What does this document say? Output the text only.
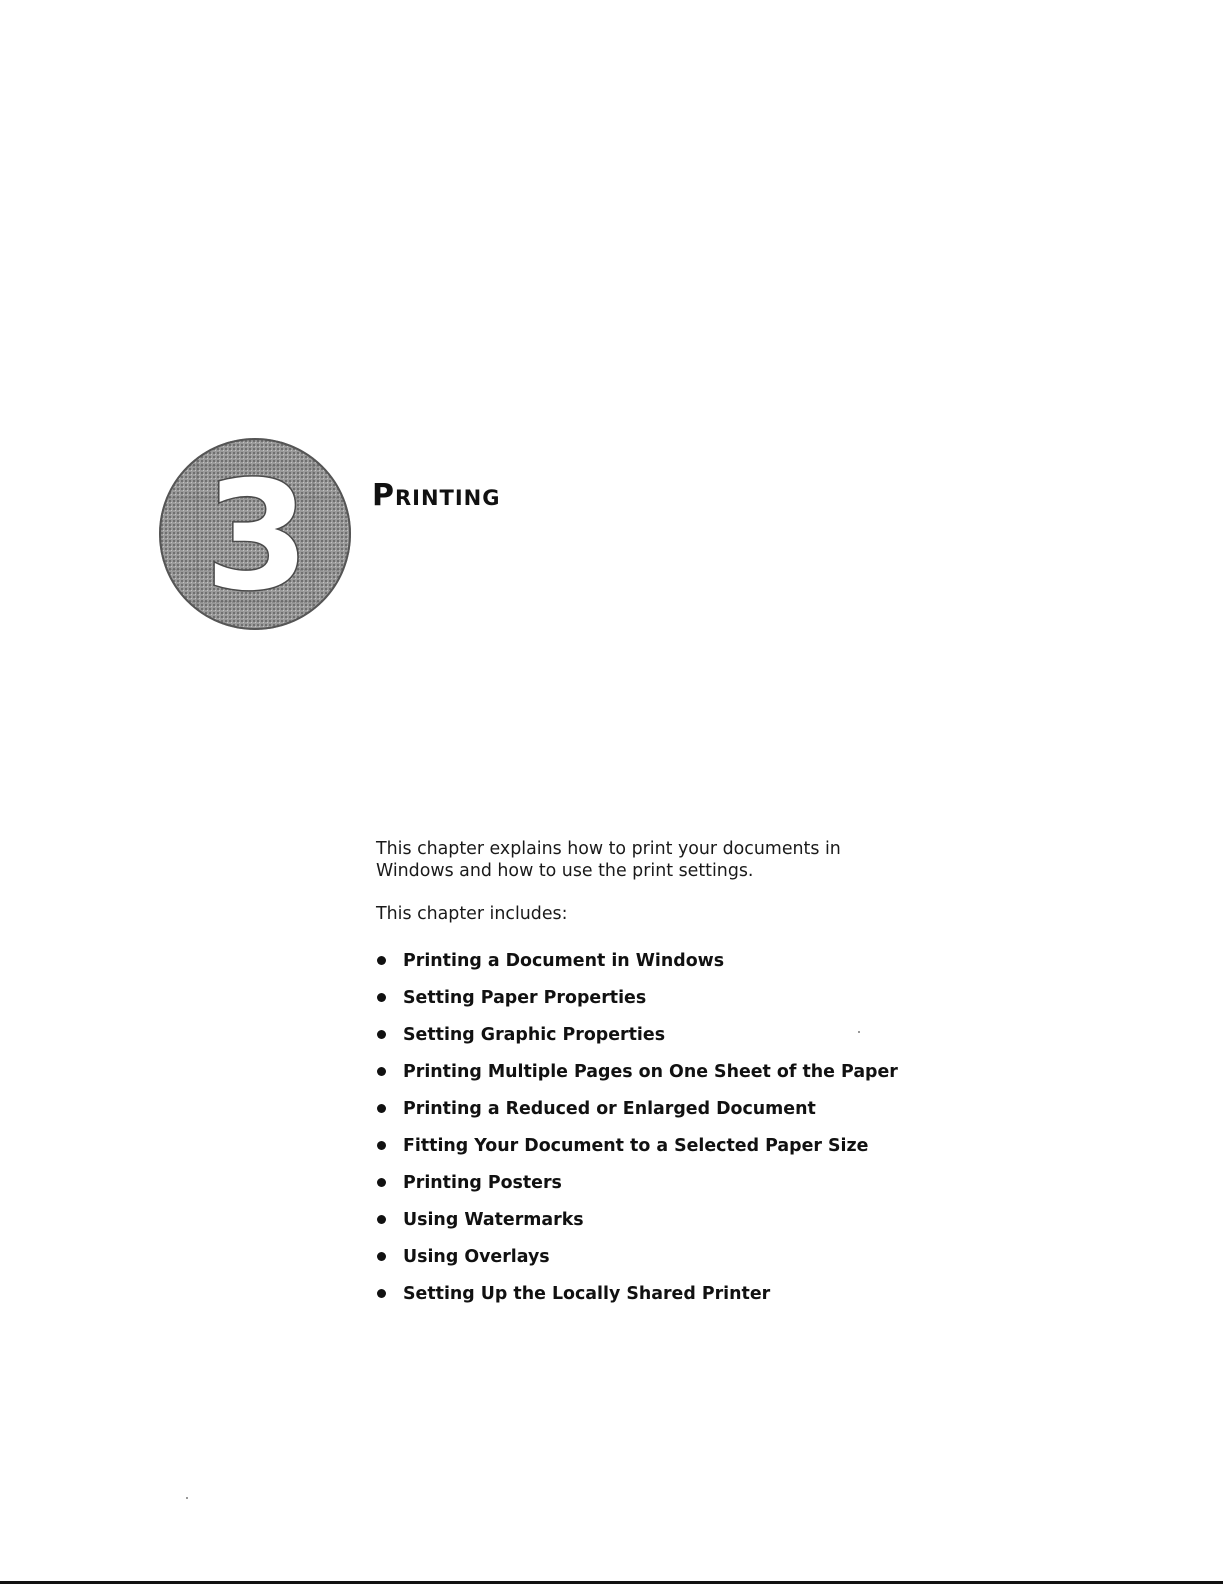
3 Printing

This chapter explains how to print your documents in Windows and how to use the print settings.

This chapter includes:

Printing a Document in Windows
Setting Paper Properties
Setting Graphic Properties
Printing Multiple Pages on One Sheet of the Paper
Printing a Reduced or Enlarged Document
Fitting Your Document to a Selected Paper Size
Printing Posters
Using Watermarks
Using Overlays
Setting Up the Locally Shared Printer
